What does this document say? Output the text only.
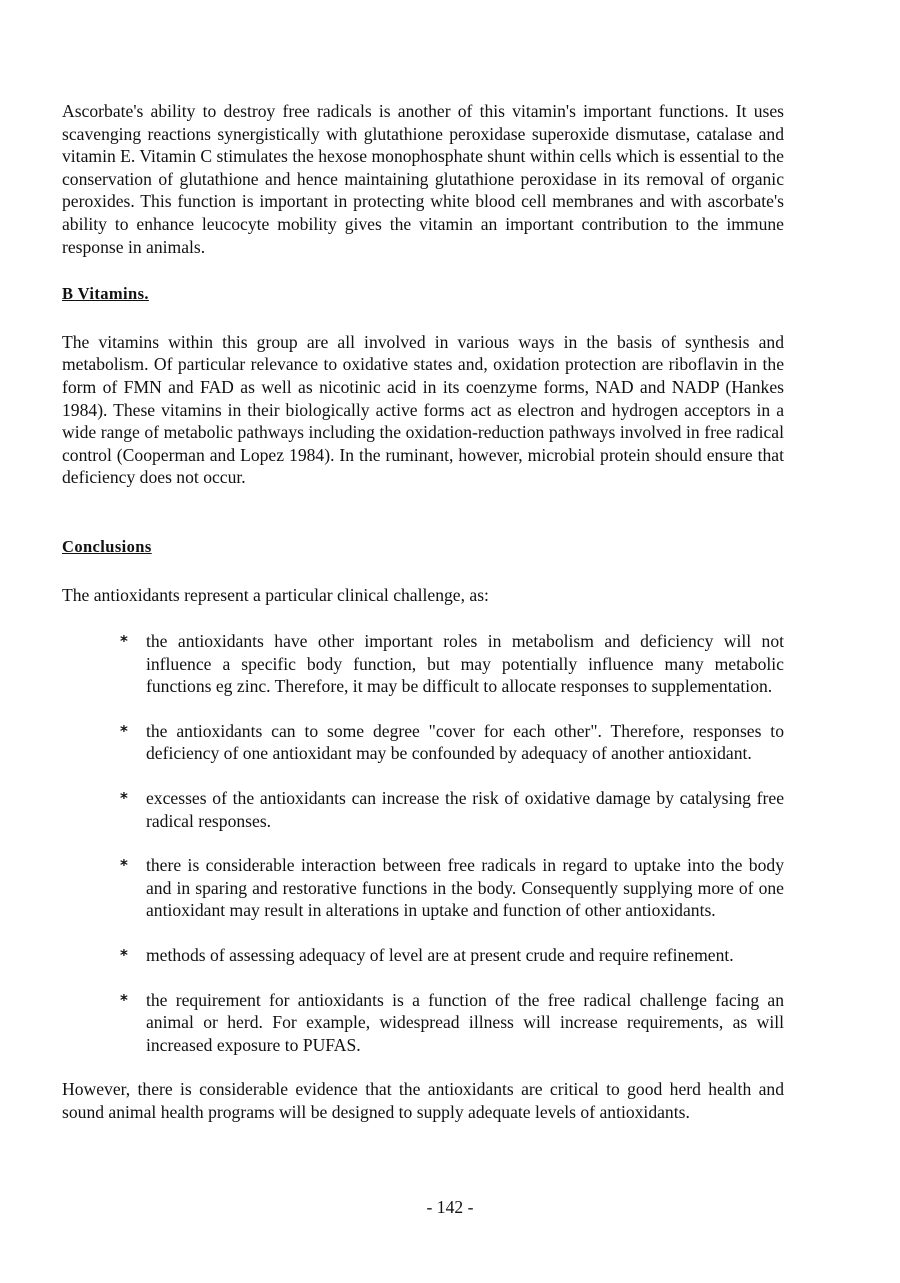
Ascorbate's ability to destroy free radicals is another of this vitamin's important functions. It uses scavenging reactions synergistically with glutathione peroxidase superoxide dismutase, catalase and vitamin E. Vitamin C stimulates the hexose monophosphate shunt within cells which is essential to the conservation of glutathione and hence maintaining glutathione peroxidase in its removal of organic peroxides. This function is important in protecting white blood cell membranes and with ascorbate's ability to enhance leucocyte mobility gives the vitamin an important contribution to the immune response in animals.

B Vitamins.

The vitamins within this group are all involved in various ways in the basis of synthesis and metabolism. Of particular relevance to oxidative states and, oxidation protection are riboflavin in the form of FMN and FAD as well as nicotinic acid in its coenzyme forms, NAD and NADP (Hankes 1984). These vitamins in their biologically active forms act as electron and hydrogen acceptors in a wide range of metabolic pathways including the oxidation-reduction pathways involved in free radical control (Cooperman and Lopez 1984). In the ruminant, however, microbial protein should ensure that deficiency does not occur.

Conclusions

The antioxidants represent a particular clinical challenge, as:

* the antioxidants have other important roles in metabolism and deficiency will not influence a specific body function, but may potentially influence many metabolic functions eg zinc. Therefore, it may be difficult to allocate responses to supplementation.
* the antioxidants can to some degree "cover for each other". Therefore, responses to deficiency of one antioxidant may be confounded by adequacy of another antioxidant.
* excesses of the antioxidants can increase the risk of oxidative damage by catalysing free radical responses.
* there is considerable interaction between free radicals in regard to uptake into the body and in sparing and restorative functions in the body. Consequently supplying more of one antioxidant may result in alterations in uptake and function of other antioxidants.
* methods of assessing adequacy of level are at present crude and require refinement.
* the requirement for antioxidants is a function of the free radical challenge facing an animal or herd. For example, widespread illness will increase requirements, as will increased exposure to PUFAS.

However, there is considerable evidence that the antioxidants are critical to good herd health and sound animal health programs will be designed to supply adequate levels of antioxidants.

- 142 -
